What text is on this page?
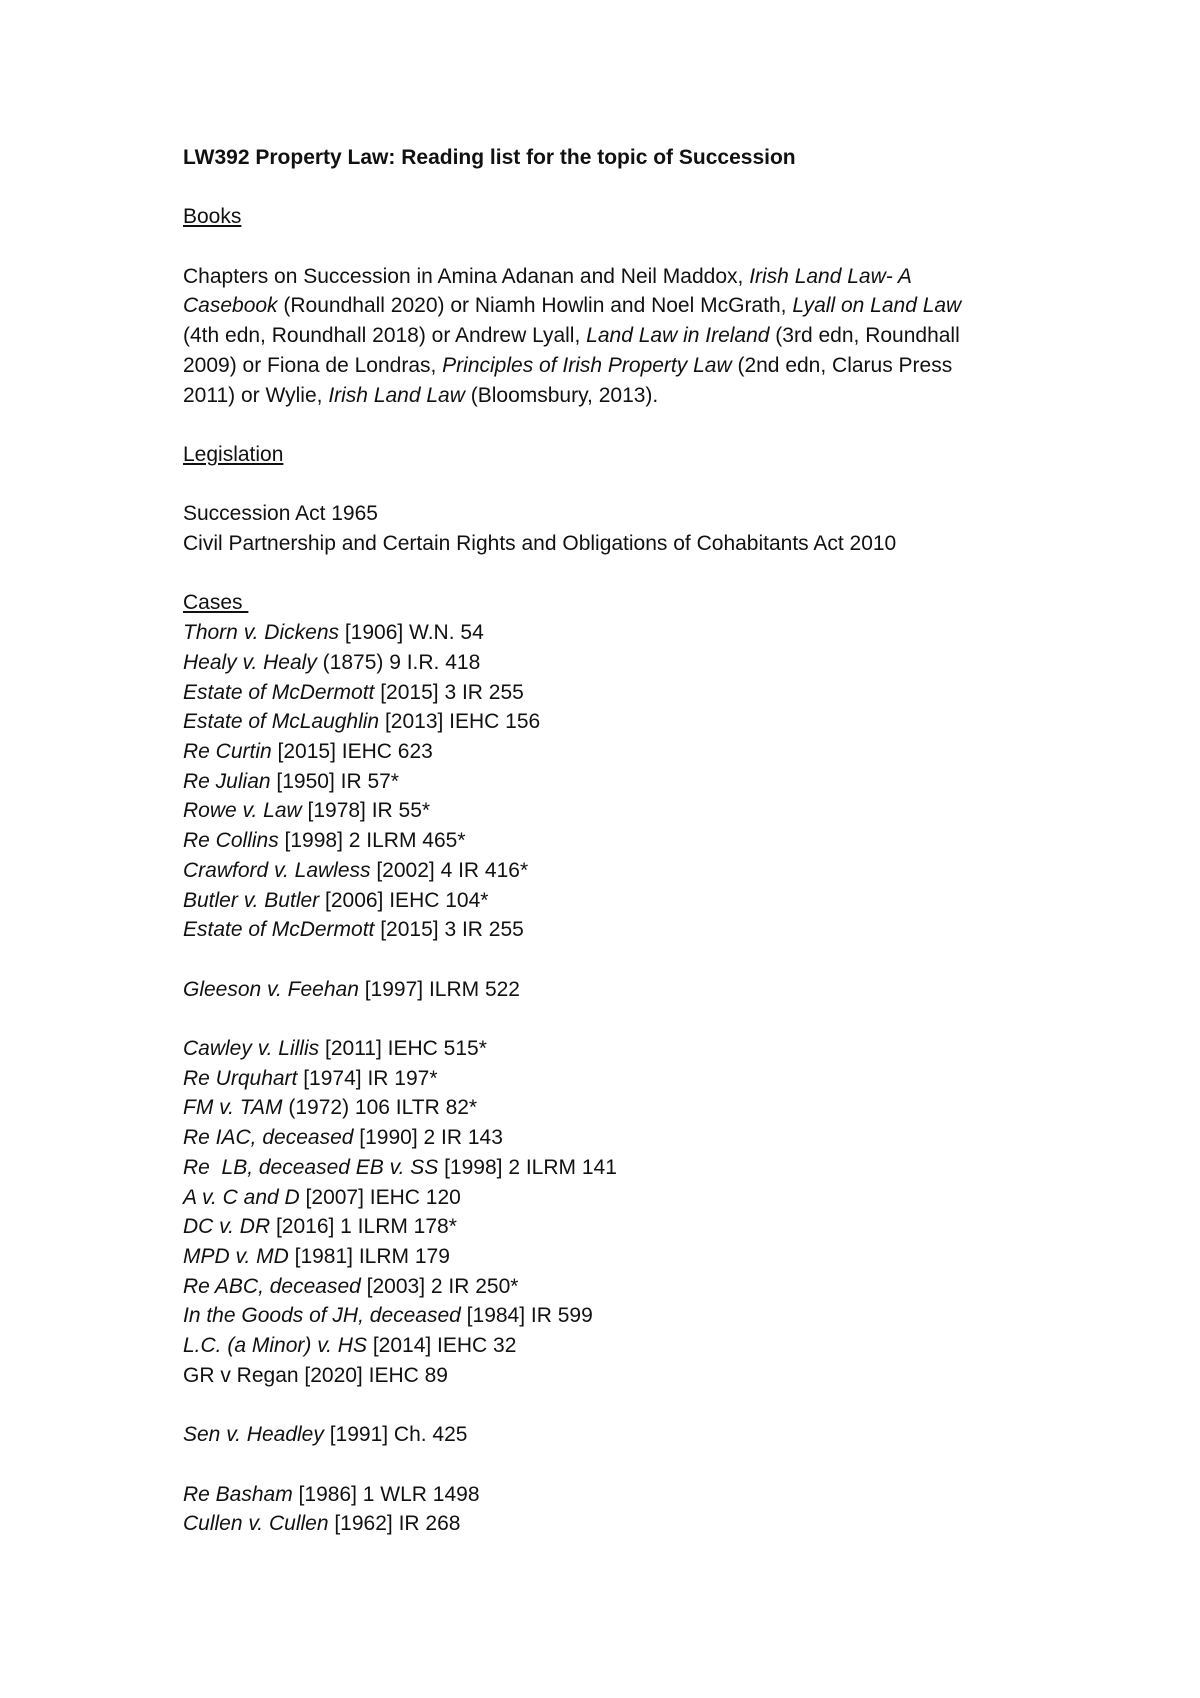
LW392 Property Law: Reading list for the topic of Succession
Books
Chapters on Succession in Amina Adanan and Neil Maddox, Irish Land Law- A
Casebook (Roundhall 2020) or Niamh Howlin and Noel McGrath, Lyall on Land Law
(4th edn, Roundhall 2018) or Andrew Lyall, Land Law in Ireland (3rd edn, Roundhall
2009) or Fiona de Londras, Principles of Irish Property Law (2nd edn, Clarus Press
2011) or Wylie, Irish Land Law (Bloomsbury, 2013).
Legislation
Succession Act 1965
Civil Partnership and Certain Rights and Obligations of Cohabitants Act 2010
Cases
Thorn v. Dickens [1906] W.N. 54
Healy v. Healy (1875) 9 I.R. 418
Estate of McDermott [2015] 3 IR 255
Estate of McLaughlin [2013] IEHC 156
Re Curtin [2015] IEHC 623
Re Julian [1950] IR 57*
Rowe v. Law [1978] IR 55*
Re Collins [1998] 2 ILRM 465*
Crawford v. Lawless [2002] 4 IR 416*
Butler v. Butler [2006] IEHC 104*
Estate of McDermott [2015] 3 IR 255
Gleeson v. Feehan [1997] ILRM 522
Cawley v. Lillis [2011] IEHC 515*
Re Urquhart [1974] IR 197*
FM v. TAM (1972) 106 ILTR 82*
Re IAC, deceased [1990] 2 IR 143
Re  LB, deceased EB v. SS [1998] 2 ILRM 141
A v. C and D [2007] IEHC 120
DC v. DR [2016] 1 ILRM 178*
MPD v. MD [1981] ILRM 179
Re ABC, deceased [2003] 2 IR 250*
In the Goods of JH, deceased [1984] IR 599
L.C. (a Minor) v. HS [2014] IEHC 32
GR v Regan [2020] IEHC 89
Sen v. Headley [1991] Ch. 425
Re Basham [1986] 1 WLR 1498
Cullen v. Cullen [1962] IR 268
